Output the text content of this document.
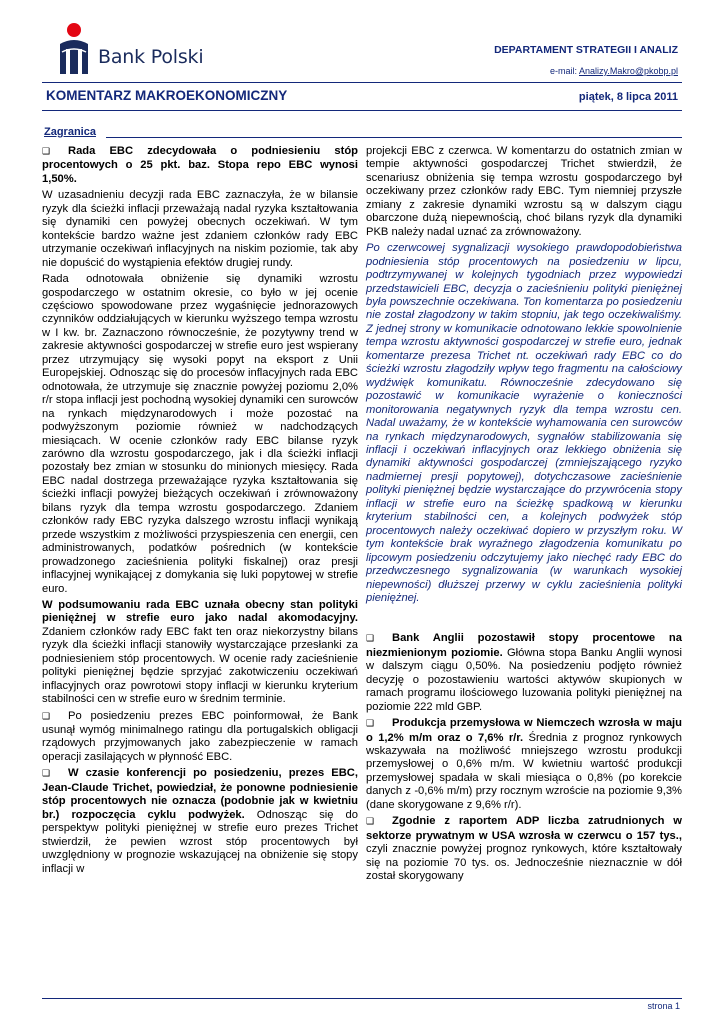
Bank Polski	DEPARTAMENT STRATEGII I ANALIZ
e-mail: Analizy.Makro@pkobp.pl
KOMENTARZ MAKROEKONOMICZNY	piątek, 8 lipca 2011
Zagranica

❑ Rada EBC zdecydowała o podniesieniu stóp procentowych o 25 pkt. baz. Stopa repo EBC wynosi 1,50%.

W uzasadnieniu decyzji rada EBC zaznaczyła, że w bilansie ryzyk dla ścieżki inflacji przeważają nadal ryzyka kształtowania się dynamiki cen powyżej obecnych oczekiwań. W tym kontekście bardzo ważne jest zdaniem członków rady EBC utrzymanie oczekiwań inflacyjnych na niskim poziomie, tak aby nie dopuścić do wystąpienia efektów drugiej rundy.

Rada odnotowała obniżenie się dynamiki wzrostu gospodarczego w ostatnim okresie, co było w jej ocenie częściowo spowodowane przez wygaśnięcie jednorazowych czynników oddziałujących w kierunku wyższego tempa wzrostu w I kw. br. Zaznaczono równocześnie, że pozytywny trend w zakresie aktywności gospodarczej w strefie euro jest wspierany przez utrzymujący się wysoki popyt na eksport z Unii Europejskiej. Odnosząc się do procesów inflacyjnych rada EBC odnotowała, że utrzymuje się znacznie powyżej poziomu 2,0% r/r stopa inflacji jest pochodną wysokiej dynamiki cen surowców na rynkach międzynarodowych i może pozostać na podwyższonym poziomie również w nadchodzących miesiącach. W ocenie członków rady EBC bilanse ryzyk zarówno dla wzrostu gospodarczego, jak i dla ścieżki inflacji pozostały bez zmian w stosunku do minionych miesięcy. Rada EBC nadal dostrzega przeważające ryzyka kształtowania się ścieżki inflacji powyżej bieżących oczekiwań i zrównoważony bilans ryzyk dla tempa wzrostu gospodarczego. Zdaniem członków rady EBC ryzyka dalszego wzrostu inflacji wynikają przede wszystkim z możliwości przyspieszenia cen energii, cen administrowanych, podatków pośrednich (w kontekście prowadzonego zacieśnienia polityki fiskalnej) oraz presji inflacyjnej wynikającej z domykania się luki popytowej w strefie euro.

W podsumowaniu rada EBC uznała obecny stan polityki pieniężnej w strefie euro jako nadal akomodacyjny. Zdaniem członków rady EBC fakt ten oraz niekorzystny bilans ryzyk dla ścieżki inflacji stanowiły wystarczające przesłanki za podniesieniem stóp procentowych. W ocenie rady zacieśnienie polityki pieniężnej będzie sprzyjać zakotwiczeniu oczekiwań inflacyjnych oraz powrotowi stopy inflacji w kierunku kryterium stabilności cen w strefie euro w średnim terminie.

❑ Po posiedzeniu prezes EBC poinformował, że Bank usunął wymóg minimalnego ratingu dla portugalskich obligacji rządowych przyjmowanych jako zabezpieczenie w ramach operacji zasilających w płynność EBC.

❑ W czasie konferencji po posiedzeniu, prezes EBC, Jean-Claude Trichet, powiedział, że ponowne podniesienie stóp procentowych nie oznacza (podobnie jak w kwietniu br.) rozpoczęcia cyklu podwyżek. Odnosząc się do perspektyw polityki pieniężnej w strefie euro prezes Trichet stwierdził, że pewien wzrost stóp procentowych był uwzględniony w prognozie wskazującej na obniżenie się stopy inflacji w

projekcji EBC z czerwca. W komentarzu do ostatnich zmian w tempie aktywności gospodarczej Trichet stwierdził, że scenariusz obniżenia się tempa wzrostu gospodarczego był oczekiwany przez członków rady EBC. Tym niemniej przyszłe zmiany z zakresie dynamiki wzrostu są w dalszym ciągu obarczone dużą niepewnością, choć bilans ryzyk dla dynamiki PKB należy nadal uznać za zrównoważony.

Po czerwcowej sygnalizacji wysokiego prawdopodobieństwa podniesienia stóp procentowych na posiedzeniu w lipcu, podtrzymywanej w kolejnych tygodniach przez wypowiedzi przedstawicieli EBC, decyzja o zacieśnieniu polityki pieniężnej była powszechnie oczekiwana. Ton komentarza po posiedzeniu nie został złagodzony w takim stopniu, jak tego oczekiwaliśmy. Z jednej strony w komunikacie odnotowano lekkie spowolnienie tempa wzrostu aktywności gospodarczej w strefie euro, jednak komentarze prezesa Trichet nt. oczekiwań rady EBC co do ścieżki wzrostu złagodziły wpływ tego fragmentu na całościowy wydźwięk komunikatu. Równocześnie zdecydowano się pozostawić w komunikacie wyrażenie o konieczności monitorowania negatywnych ryzyk dla tempa wzrostu cen. Nadal uważamy, że w kontekście wyhamowania cen surowców na rynkach międzynarodowych, sygnałów stabilizowania się inflacji i oczekiwań inflacyjnych oraz lekkiego obniżenia się dynamiki aktywności gospodarczej (zmniejszającego ryzyko nadmiernej presji popytowej), dotychczasowe zacieśnienie polityki pieniężnej będzie wystarczające do przywrócenia stopy inflacji w strefie euro na ścieżkę spadkową w kierunku kryterium stabilności cen, a kolejnych podwyżek stóp procentowych należy oczekiwać dopiero w przyszłym roku. W tym kontekście brak wyraźnego złagodzenia komunikatu po lipcowym posiedzeniu odczytujemy jako niechęć rady EBC do przedwczesnego sygnalizowania (w warunkach wysokiej niepewności) dłuższej przerwy w cyklu zacieśnienia polityki pieniężnej.

❑ Bank Anglii pozostawił stopy procentowe na niezmienionym poziomie. Główna stopa Banku Anglii wynosi w dalszym ciągu 0,50%. Na posiedzeniu podjęto również decyzję o pozostawieniu wartości aktywów skupionych w ramach programu ilościowego luzowania polityki pieniężnej na poziomie 222 mld GBP.

❑ Produkcja przemysłowa w Niemczech wzrosła w maju o 1,2% m/m oraz o 7,6% r/r. Średnia z prognoz rynkowych wskazywała na możliwość mniejszego wzrostu produkcji przemysłowej o 0,6% m/m. W kwietniu wartość produkcji przemysłowej spadała w skali miesiąca o 0,8% (po korekcie danych z -0,6% m/m) przy rocznym wzroście na poziomie 9,3% (dane skorygowane z 9,6% r/r).

❑ Zgodnie z raportem ADP liczba zatrudnionych w sektorze prywatnym w USA wzrosła w czerwcu o 157 tys., czyli znacznie powyżej prognoz rynkowych, które kształtowały się na poziomie 70 tys. os. Jednocześnie nieznacznie w dół został skorygowany

strona 1
